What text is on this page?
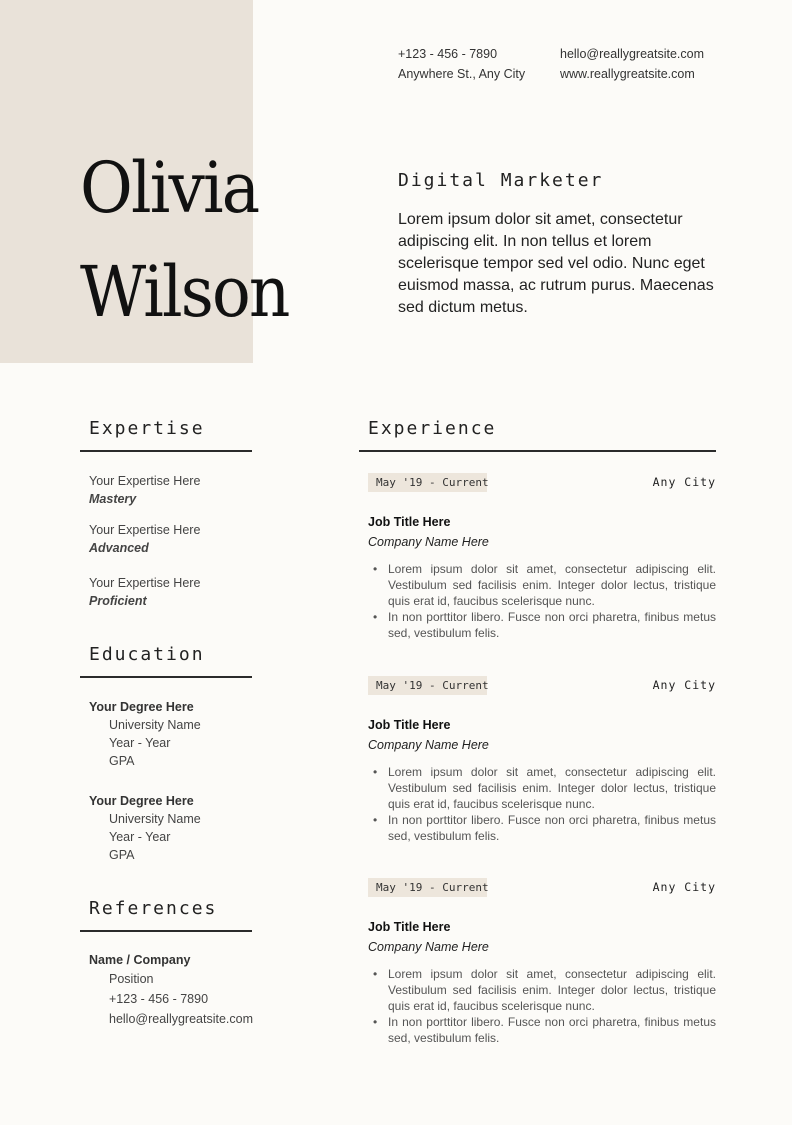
+123 - 456 - 7890
Anywhere St., Any City
hello@reallygreatsite.com
www.reallygreatsite.com
Olivia
Wilson
Digital Marketer
Lorem ipsum dolor sit amet, consectetur adipiscing elit. In non tellus et lorem scelerisque tempor sed vel odio. Nunc eget euismod massa, ac rutrum purus. Maecenas sed dictum metus.
Expertise
Your Expertise Here
Mastery
Your Expertise Here
Advanced
Your Expertise Here
Proficient
Education
Your Degree Here
University Name
Year - Year
GPA
Your Degree Here
University Name
Year - Year
GPA
References
Name / Company
Position
+123 - 456 - 7890
hello@reallygreatsite.com
Experience
May '19 - Current	Any City
Job Title Here
Company Name Here
• Lorem ipsum dolor sit amet, consectetur adipiscing elit. Vestibulum sed facilisis enim. Integer dolor lectus, tristique quis erat id, faucibus scelerisque nunc.
• In non porttitor libero. Fusce non orci pharetra, finibus metus sed, vestibulum felis.
May '19 - Current	Any City
Job Title Here
Company Name Here
• Lorem ipsum dolor sit amet, consectetur adipiscing elit. Vestibulum sed facilisis enim. Integer dolor lectus, tristique quis erat id, faucibus scelerisque nunc.
• In non porttitor libero. Fusce non orci pharetra, finibus metus sed, vestibulum felis.
May '19 - Current	Any City
Job Title Here
Company Name Here
• Lorem ipsum dolor sit amet, consectetur adipiscing elit. Vestibulum sed facilisis enim. Integer dolor lectus, tristique quis erat id, faucibus scelerisque nunc.
• In non porttitor libero. Fusce non orci pharetra, finibus metus sed, vestibulum felis.
